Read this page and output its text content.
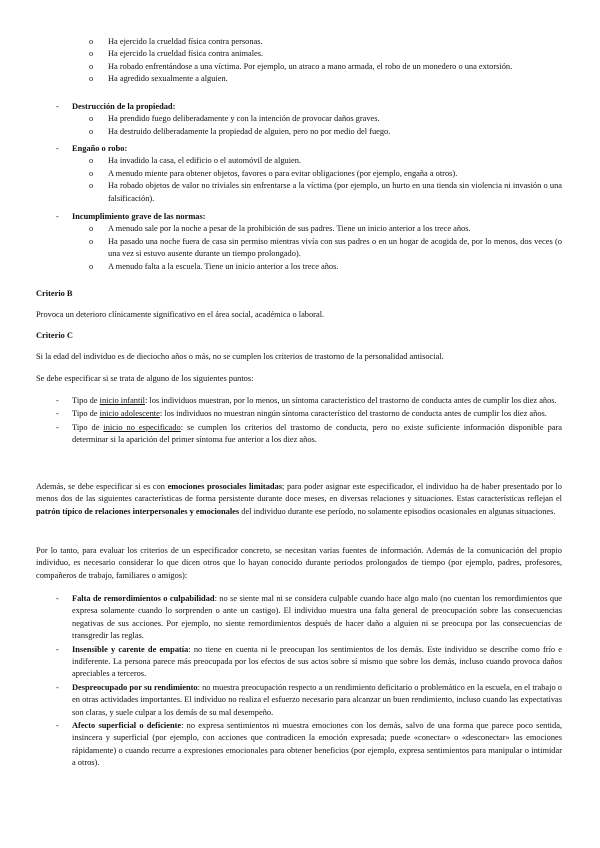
o Ha ejercido la crueldad física contra personas.
o Ha ejercido la crueldad física contra animales.
o Ha robado enfrentándose a una víctima. Por ejemplo, un atraco a mano armada, el robo de un monedero o una extorsión.
o Ha agredido sexualmente a alguien.
- Destrucción de la propiedad:
o Ha prendido fuego deliberadamente y con la intención de provocar daños graves.
o Ha destruido deliberadamente la propiedad de alguien, pero no por medio del fuego.
- Engaño o robo:
o Ha invadido la casa, el edificio o el automóvil de alguien.
o A menudo miente para obtener objetos, favores o para evitar obligaciones (por ejemplo, engaña a otros).
o Ha robado objetos de valor no triviales sin enfrentarse a la víctima (por ejemplo, un hurto en una tienda sin violencia ni invasión o una falsificación).
- Incumplimiento grave de las normas:
o A menudo sale por la noche a pesar de la prohibición de sus padres. Tiene un inicio anterior a los trece años.
o Ha pasado una noche fuera de casa sin permiso mientras vivía con sus padres o en un hogar de acogida de, por lo menos, dos veces (o una vez si estuvo ausente durante un tiempo prolongado).
o A menudo falta a la escuela. Tiene un inicio anterior a los trece años.
Criterio B
Provoca un deterioro clínicamente significativo en el área social, académica o laboral.
Criterio C
Si la edad del individuo es de dieciocho años o más, no se cumplen los criterios de trastorno de la personalidad antisocial.
Se debe especificar si se trata de alguno de los siguientes puntos:
- Tipo de inicio infantil: los individuos muestran, por lo menos, un síntoma característico del trastorno de conducta antes de cumplir los diez años.
- Tipo de inicio adolescente: los individuos no muestran ningún síntoma característico del trastorno de conducta antes de cumplir los diez años.
- Tipo de inicio no especificado: se cumplen los criterios del trastorno de conducta, pero no existe suficiente información disponible para determinar si la aparición del primer síntoma fue anterior a los diez años.
Además, se debe especificar si es con emociones prosociales limitadas; para poder asignar este especificador, el individuo ha de haber presentado por lo menos dos de las siguientes características de forma persistente durante doce meses, en diversas relaciones y situaciones. Estas características reflejan el patrón típico de relaciones interpersonales y emocionales del individuo durante ese período, no solamente episodios ocasionales en algunas situaciones.
Por lo tanto, para evaluar los criterios de un especificador concreto, se necesitan varias fuentes de información. Además de la comunicación del propio individuo, es necesario considerar lo que dicen otros que lo hayan conocido durante periodos prolongados de tiempo (por ejemplo, padres, profesores, compañeros de trabajo, familiares o amigos):
- Falta de remordimientos o culpabilidad: no se siente mal ni se considera culpable cuando hace algo malo (no cuentan los remordimientos que expresa solamente cuando lo sorprenden o ante un castigo). El individuo muestra una falta general de preocupación sobre las consecuencias negativas de sus acciones. Por ejemplo, no siente remordimientos después de hacer daño a alguien ni se preocupa por las consecuencias de transgredir las reglas.
- Insensible y carente de empatía: no tiene en cuenta ni le preocupan los sentimientos de los demás. Este individuo se describe como frío e indiferente. La persona parece más preocupada por los efectos de sus actos sobre sí mismo que sobre los demás, incluso cuando provoca daños apreciables a terceros.
- Despreocupado por su rendimiento: no muestra preocupación respecto a un rendimiento deficitario o problemático en la escuela, en el trabajo o en otras actividades importantes. El individuo no realiza el esfuerzo necesario para alcanzar un buen rendimiento, incluso cuando las expectativas son claras, y suele culpar a los demás de su mal desempeño.
- Afecto superficial o deficiente: no expresa sentimientos ni muestra emociones con los demás, salvo de una forma que parece poco sentida, insincera y superficial (por ejemplo, con acciones que contradicen la emoción expresada; puede «conectar» o «desconectar» las emociones rápidamente) o cuando recurre a expresiones emocionales para obtener beneficios (por ejemplo, expresa sentimientos para manipular o intimidar a otros).
